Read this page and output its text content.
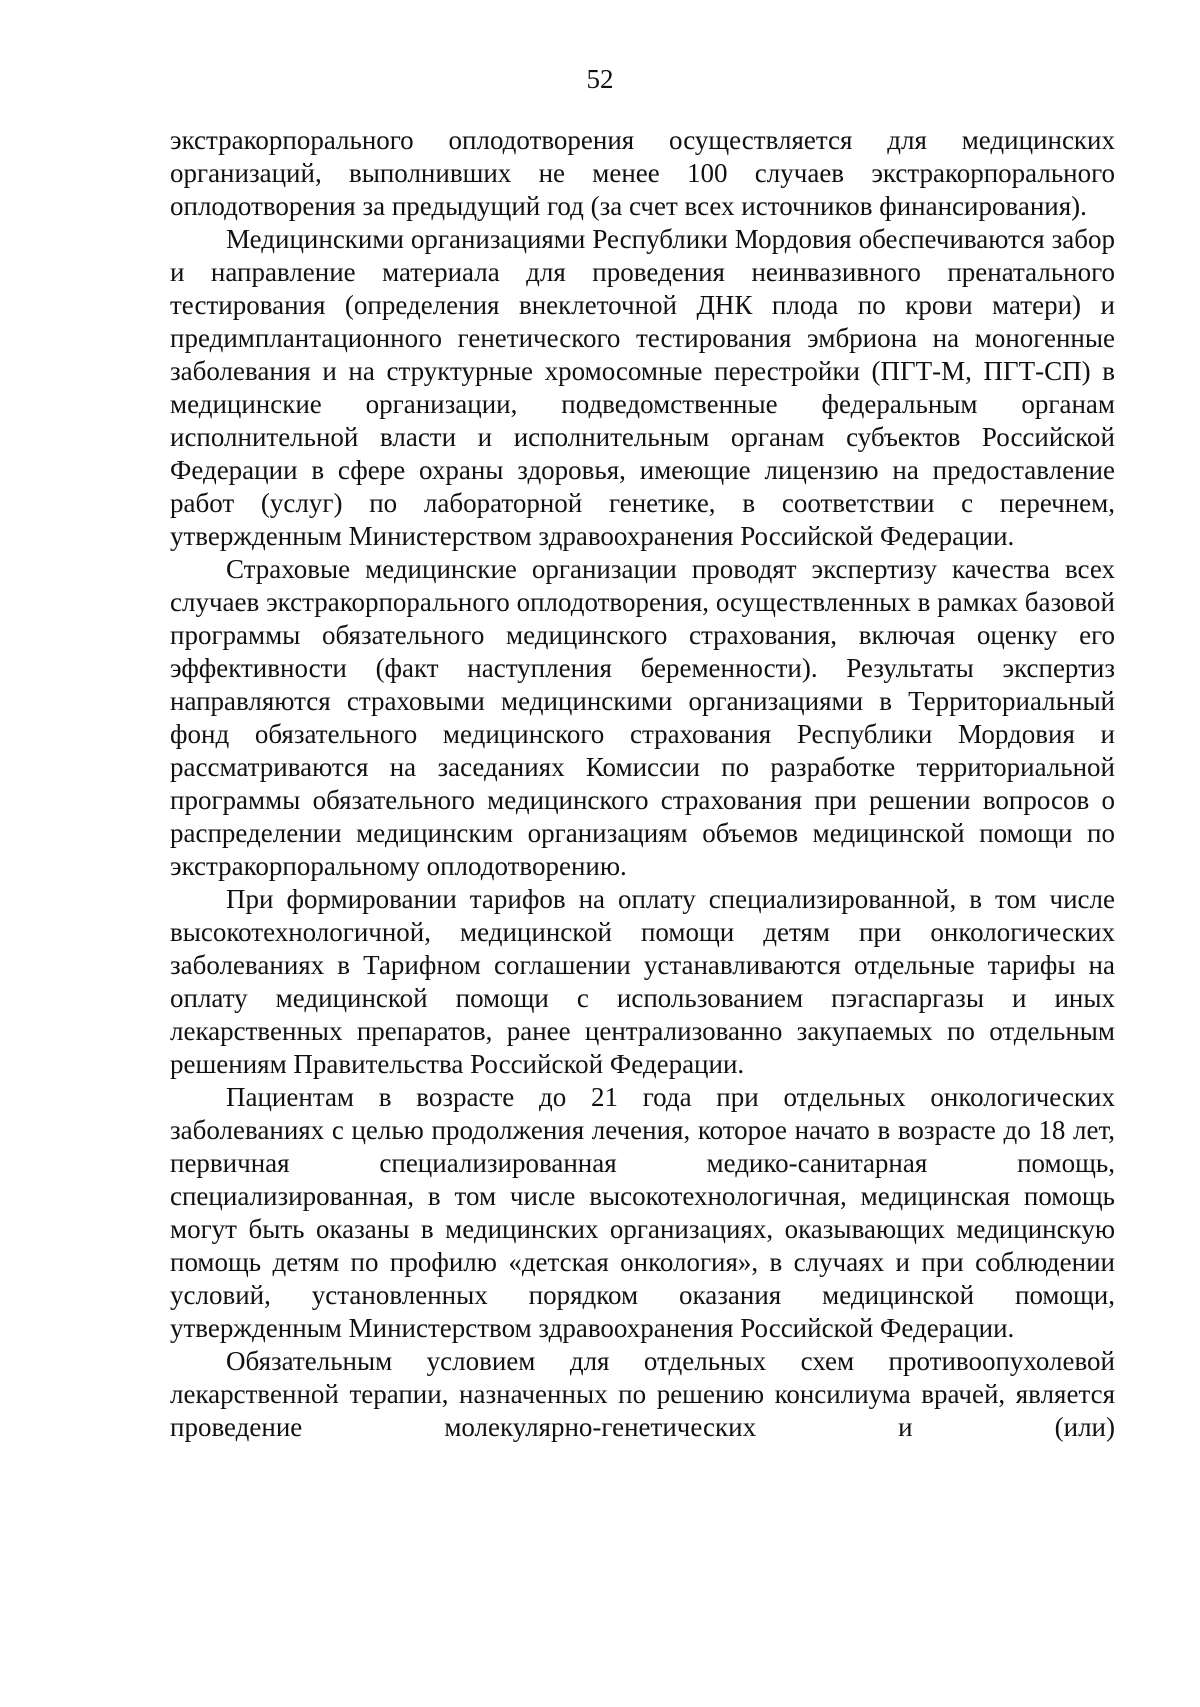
52

экстракорпорального оплодотворения осуществляется для медицинских организаций, выполнивших не менее 100 случаев экстракорпорального оплодотворения за предыдущий год (за счет всех источников финансирования).

Медицинскими организациями Республики Мордовия обеспечиваются забор и направление материала для проведения неинвазивного пренатального тестирования (определения внеклеточной ДНК плода по крови матери) и предимплантационного генетического тестирования эмбриона на моногенные заболевания и на структурные хромосомные перестройки (ПГТ-М, ПГТ-СП) в медицинские организации, подведомственные федеральным органам исполнительной власти и исполнительным органам субъектов Российской Федерации в сфере охраны здоровья, имеющие лицензию на предоставление работ (услуг) по лабораторной генетике, в соответствии с перечнем, утвержденным Министерством здравоохранения Российской Федерации.

Страховые медицинские организации проводят экспертизу качества всех случаев экстракорпорального оплодотворения, осуществленных в рамках базовой программы обязательного медицинского страхования, включая оценку его эффективности (факт наступления беременности). Результаты экспертиз направляются страховыми медицинскими организациями в Территориальный фонд обязательного медицинского страхования Республики Мордовия и рассматриваются на заседаниях Комиссии по разработке территориальной программы обязательного медицинского страхования при решении вопросов о распределении медицинским организациям объемов медицинской помощи по экстракорпоральному оплодотворению.

При формировании тарифов на оплату специализированной, в том числе высокотехнологичной, медицинской помощи детям при онкологических заболеваниях в Тарифном соглашении устанавливаются отдельные тарифы на оплату медицинской помощи с использованием пэгаспаргазы и иных лекарственных препаратов, ранее централизованно закупаемых по отдельным решениям Правительства Российской Федерации.

Пациентам в возрасте до 21 года при отдельных онкологических заболеваниях с целью продолжения лечения, которое начато в возрасте до 18 лет, первичная специализированная медико-санитарная помощь, специализированная, в том числе высокотехнологичная, медицинская помощь могут быть оказаны в медицинских организациях, оказывающих медицинскую помощь детям по профилю «детская онкология», в случаях и при соблюдении условий, установленных порядком оказания медицинской помощи, утвержденным Министерством здравоохранения Российской Федерации.

Обязательным условием для отдельных схем противоопухолевой лекарственной терапии, назначенных по решению консилиума врачей, является проведение молекулярно-генетических и (или)
